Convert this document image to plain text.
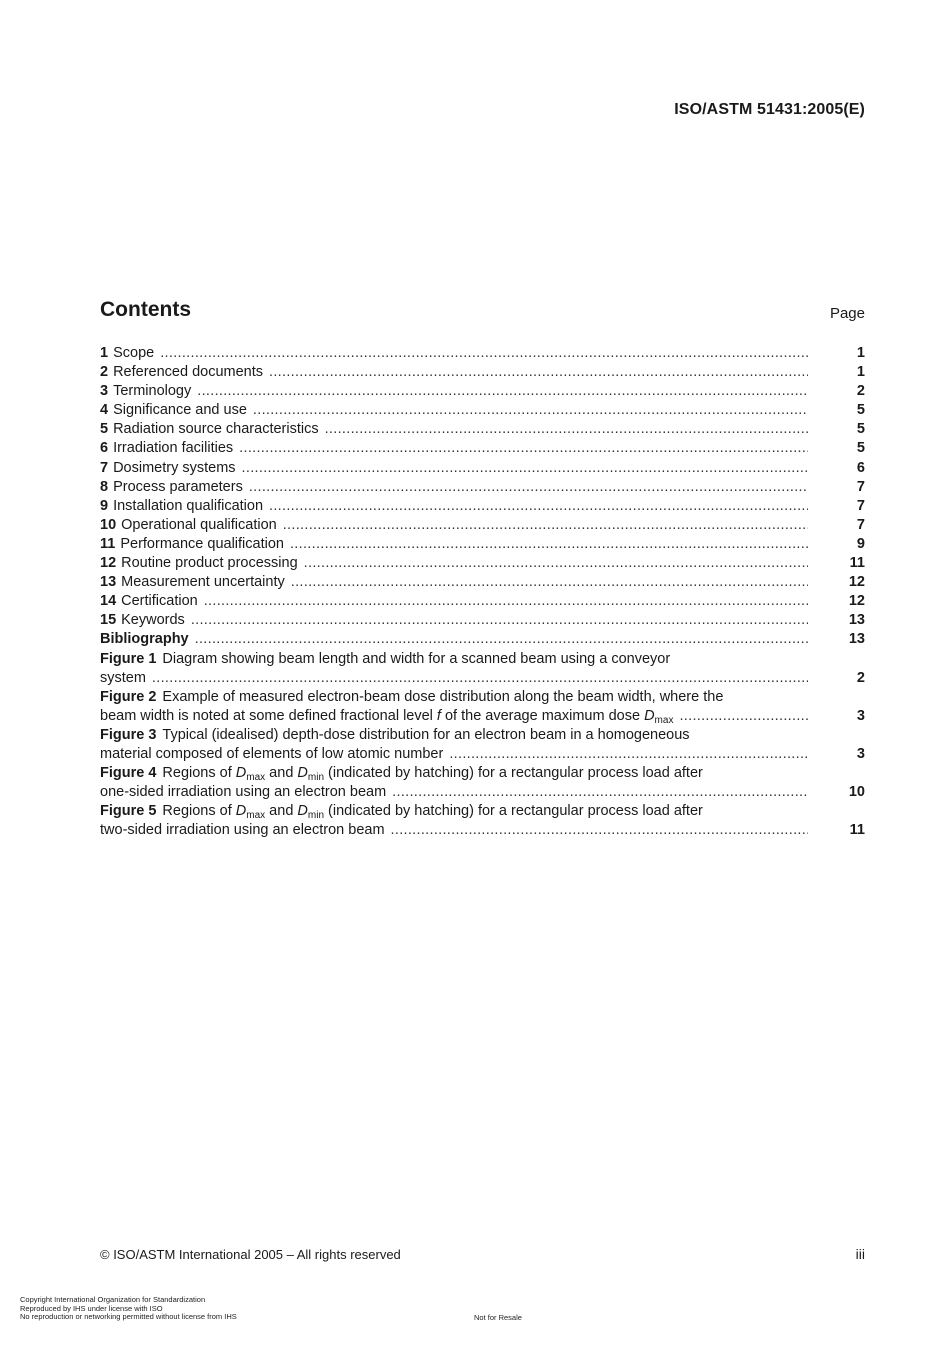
ISO/ASTM 51431:2005(E)
Contents	Page
1 Scope .....	1
2 Referenced documents .....	1
3 Terminology .....	2
4 Significance and use .....	5
5 Radiation source characteristics .....	5
6 Irradiation facilities .....	5
7 Dosimetry systems .....	6
8 Process parameters .....	7
9 Installation qualification .....	7
10 Operational qualification .....	7
11 Performance qualification .....	9
12 Routine product processing .....	11
13 Measurement uncertainty .....	12
14 Certification .....	12
15 Keywords .....	13
Bibliography .....	13
Figure 1 Diagram showing beam length and width for a scanned beam using a conveyor
system .....	2
Figure 2 Example of measured electron-beam dose distribution along the beam width, where the
beam width is noted at some defined fractional level f of the average maximum dose $D_{max}$ .....	3
Figure 3 Typical (idealised) depth-dose distribution for an electron beam in a homogeneous
material composed of elements of low atomic number .....	3
Figure 4 Regions of $D_{max}$ and $D_{min}$ (indicated by hatching) for a rectangular process load after
one-sided irradiation using an electron beam .....	10
Figure 5 Regions of $D_{max}$ and $D_{min}$ (indicated by hatching) for a rectangular process load after
two-sided irradiation using an electron beam .....	11
© ISO/ASTM International 2005 – All rights reserved	iii
Copyright International Organization for Standardization
Reproduced by IHS under license with ISO
No reproduction or networking permitted without license from IHS	Not for Resale
